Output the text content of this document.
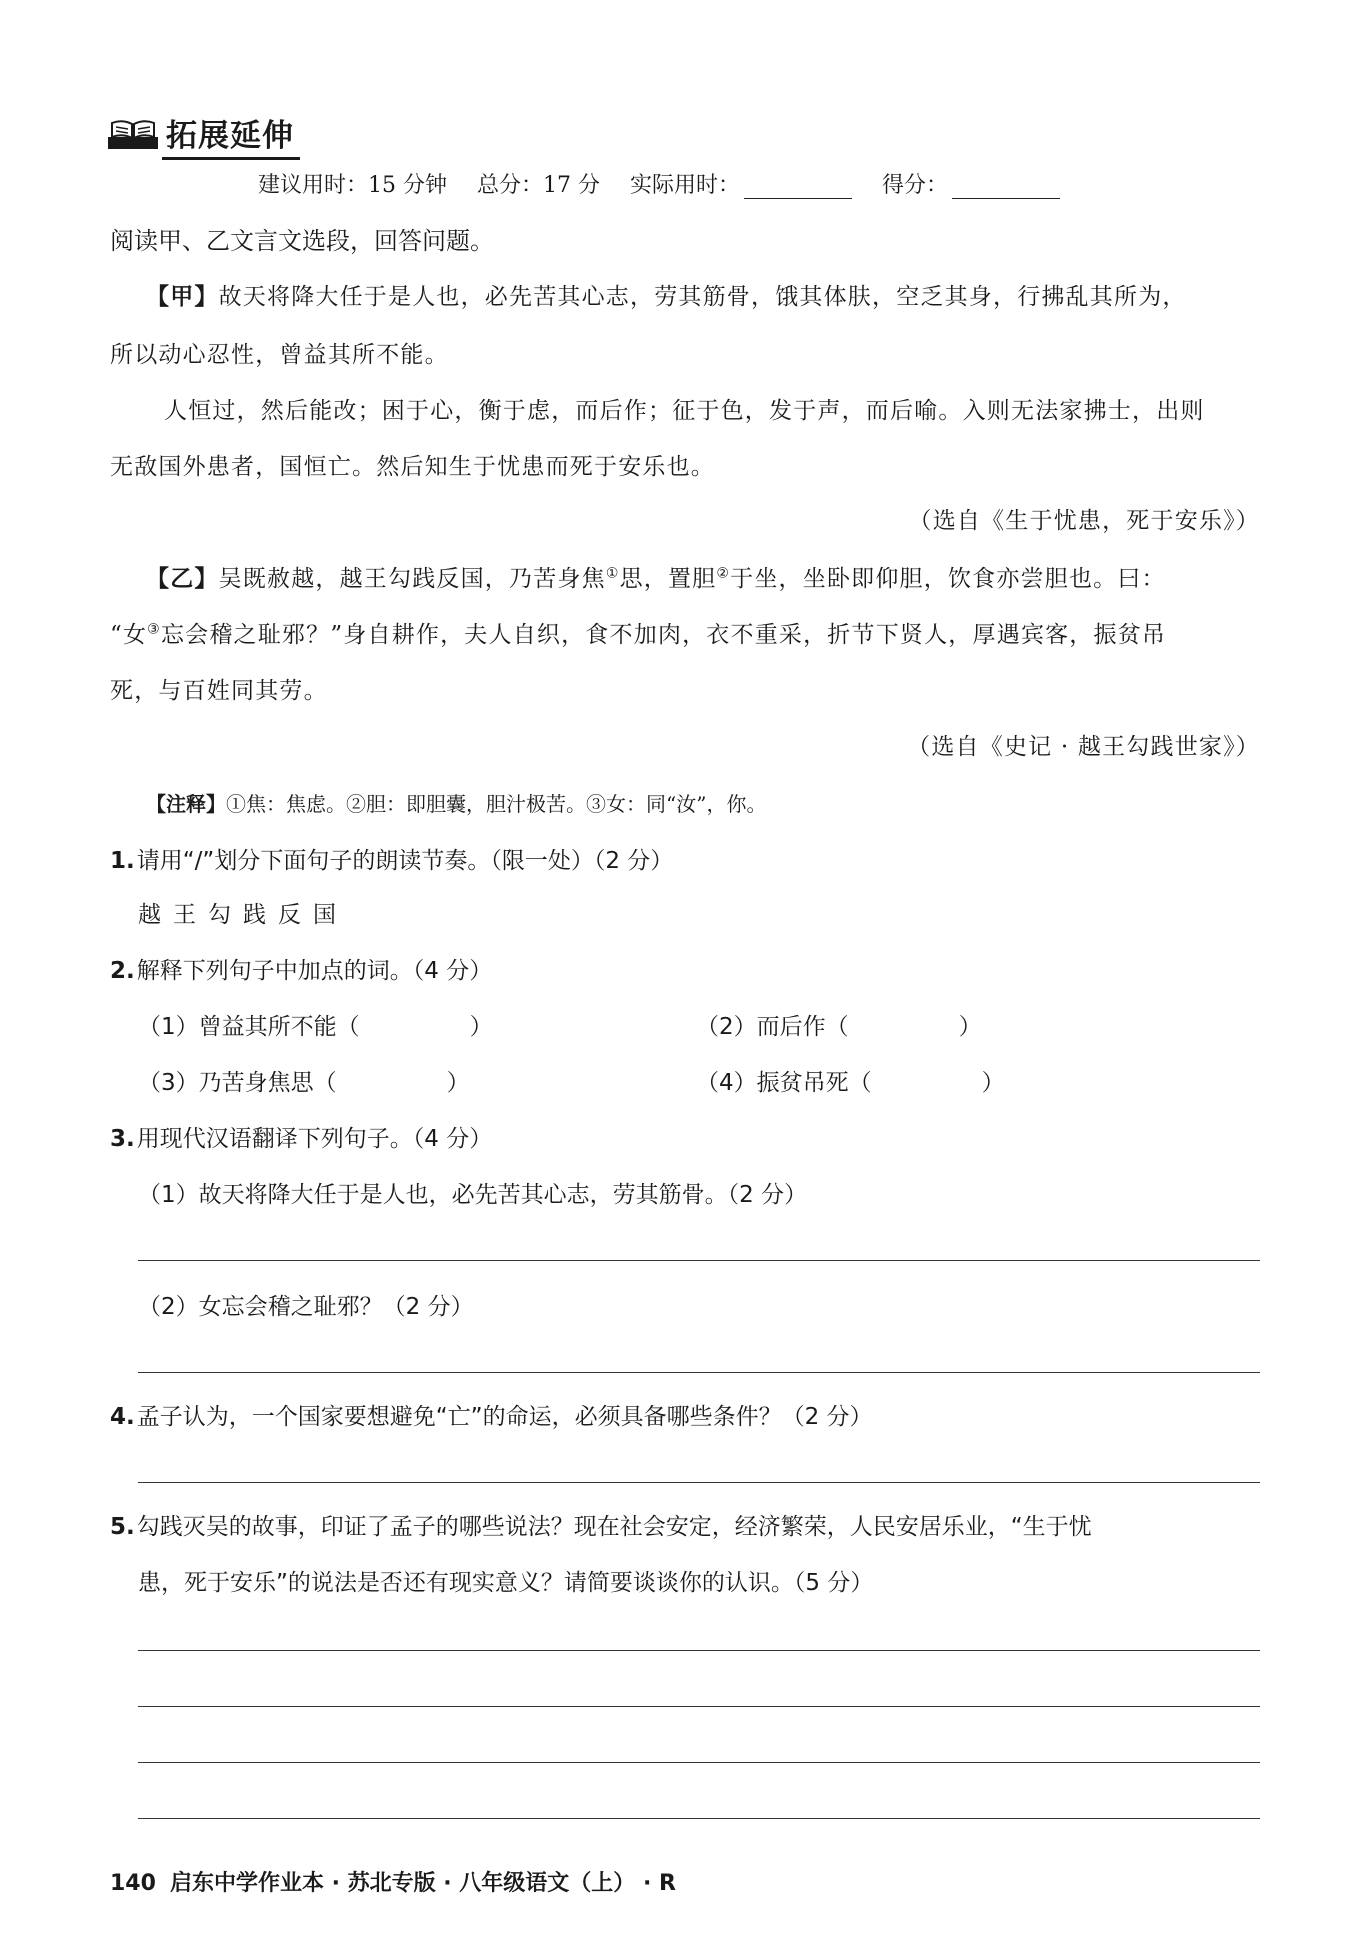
拓展延伸
建议用时：15 分钟 总分：17 分 实际用时：	得分：
阅读甲、乙文言文选段，回答问题。
【甲】故天将降大任于是人也，必先苦其心志，劳其筋骨，饿其体肤，空乏其身，行拂乱其所为，
所以动心忍性，曾益其所不能。
人恒过，然后能改；困于心，衡于虑，而后作；征于色，发于声，而后喻。入则无法家拂士，出则
无敌国外患者，国恒亡。然后知生于忧患而死于安乐也。
（选自《生于忧患，死于安乐》）
【乙】吴既赦越，越王勾践反国，乃苦身焦①思，置胆②于坐，坐卧即仰胆，饮食亦尝胆也。曰：
“女③忘会稽之耻邪？”身自耕作，夫人自织，食不加肉，衣不重采，折节下贤人，厚遇宾客，振贫吊
死，与百姓同其劳。
（选自《史记 · 越王勾践世家》）
【注释】①焦：焦虑。②胆：即胆囊，胆汁极苦。③女：同“汝”，你。
1.请用“/”划分下面句子的朗读节奏。（限一处）（2 分）
越王勾践反国
2.解释下列句子中加点的词。（4 分）
（1）曾益其所不能（	）	（2）而后作（	）
（3）乃苦身焦思（	）	（4）振贫吊死（	）
3.用现代汉语翻译下列句子。（4 分）
（1）故天将降大任于是人也，必先苦其心志，劳其筋骨。（2 分）
（2）女忘会稽之耻邪？（2 分）
4.孟子认为，一个国家要想避免“亡”的命运，必须具备哪些条件？（2 分）
5.勾践灭吴的故事，印证了孟子的哪些说法？现在社会安定，经济繁荣，人民安居乐业，“生于忧
患，死于安乐”的说法是否还有现实意义？请简要谈谈你的认识。（5 分）
140 启东中学作业本 · 苏北专版 · 八年级语文（上） · R
